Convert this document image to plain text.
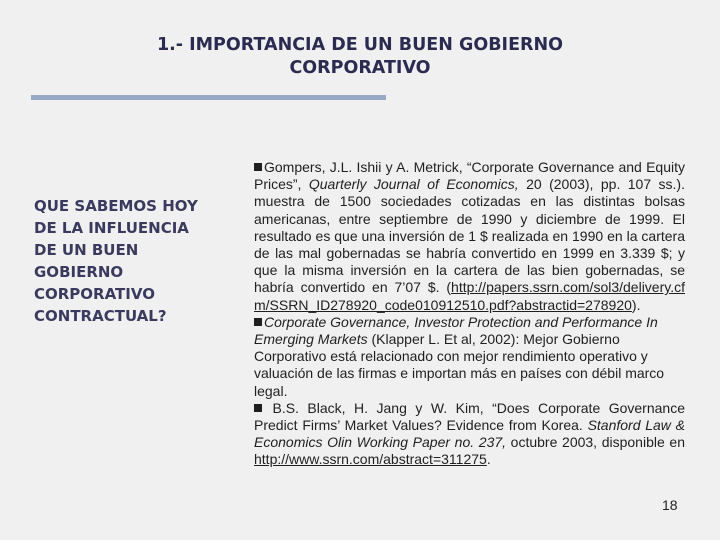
1.- IMPORTANCIA DE UN BUEN GOBIERNO
CORPORATIVO
QUE SABEMOS HOY
DE LA INFLUENCIA
DE UN BUEN
GOBIERNO
CORPORATIVO
CONTRACTUAL?
Gompers, J.L. Ishii y A. Metrick, “Corporate Governance and Equity Prices”, Quarterly Journal of Economics, 20 (2003), pp. 107 ss.). muestra de 1500 sociedades cotizadas en las distintas bolsas americanas, entre septiembre de 1990 y diciembre de 1999. El resultado es que una inversión de 1 $ realizada en 1990 en la cartera de las mal gobernadas se habría convertido en 1999 en 3.339 $; y que la misma inversión en la cartera de las bien gobernadas, se habría convertido en 7’07 $. (http://papers.ssrn.com/sol3/delivery.cfm/SSRN_ID278920_code010912510.pdf?abstractid=278920).
Corporate Governance, Investor Protection and Performance In Emerging Markets (Klapper L. Et al, 2002): Mejor Gobierno Corporativo está relacionado con mejor rendimiento operativo y valuación de las firmas e importan más en países con débil marco legal.
B.S. Black, H. Jang y W. Kim, “Does Corporate Governance Predict Firms’ Market Values? Evidence from Korea. Stanford Law & Economics Olin Working Paper no. 237, octubre 2003, disponible en http://www.ssrn.com/abstract=311275.
18
